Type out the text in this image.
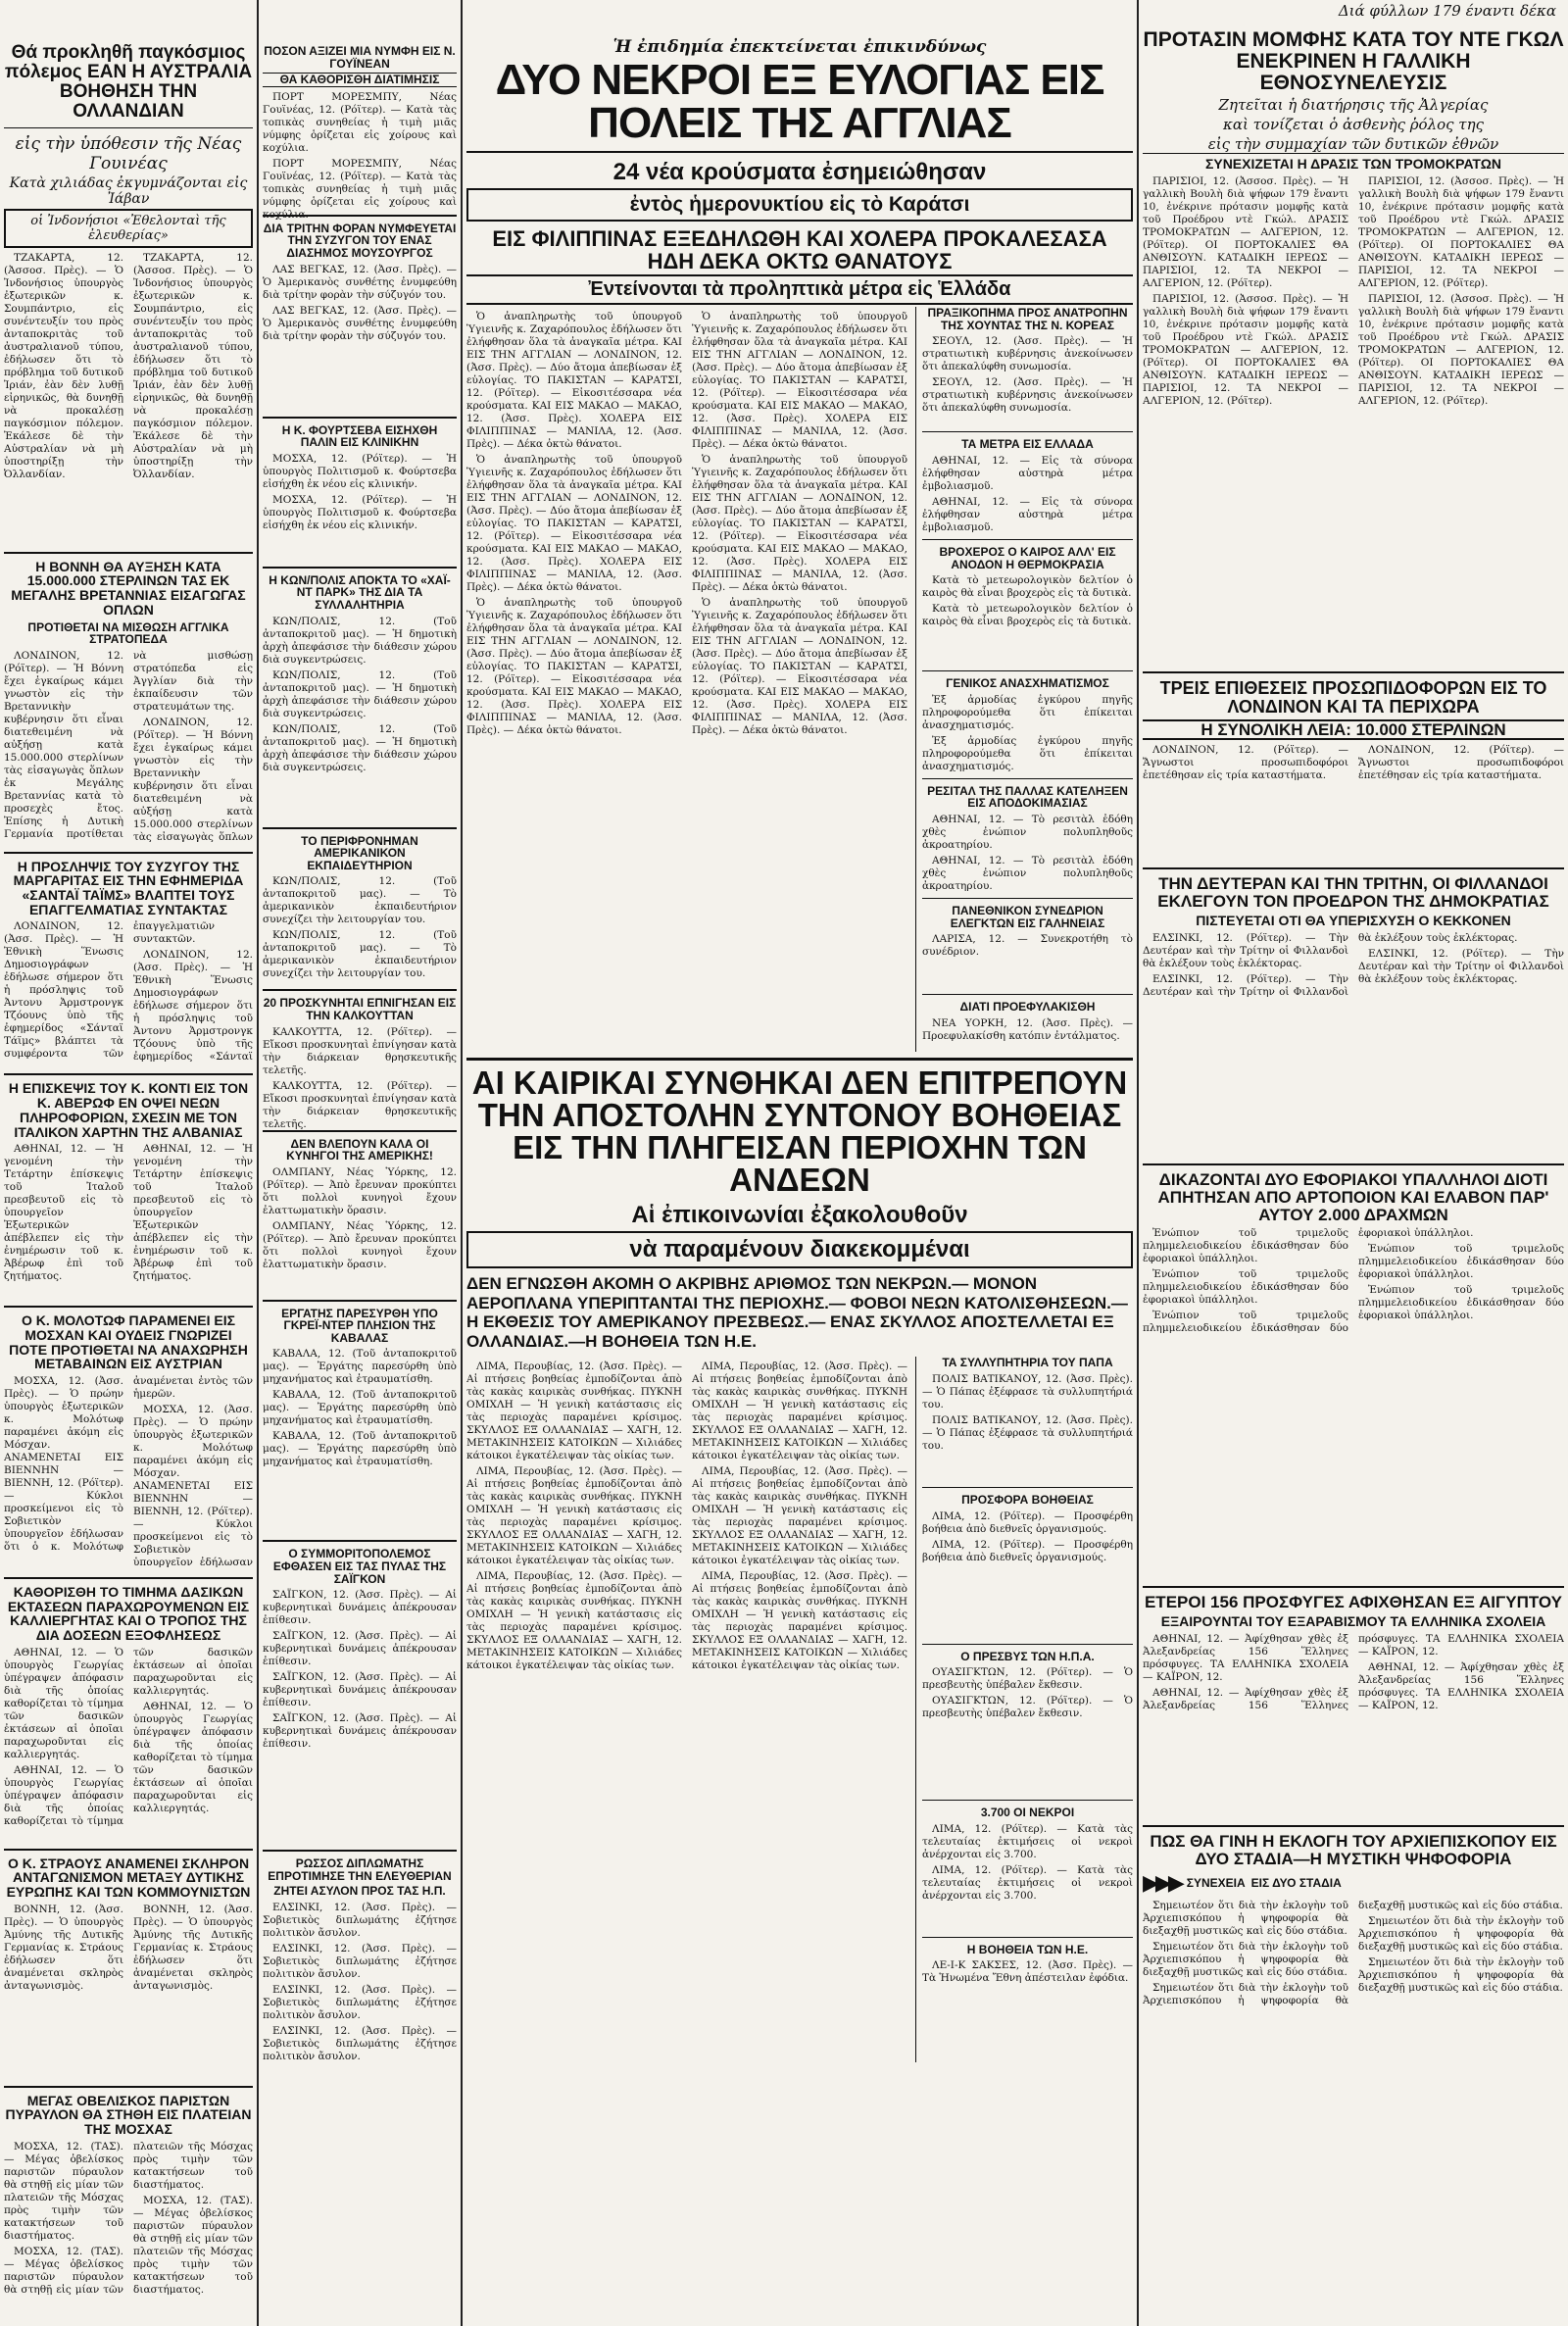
Διά φύλλων 179 έναντι δέκα
Θά προκληθῆ παγκόσμιος πόλεμος ΕΑΝ Η ΑΥΣΤΡΑΛΙΑ ΒΟΗΘΗΣΗ ΤΗΝ ΟΛΛΑΝΔΙΑΝ
εἰς τὴν ὑπόθεσιν τῆς Νέας Γουινέας
Κατὰ χιλιάδας ἐκγυμνάζονται εἰς Ἰάβαν
οἱ Ἰνδονήσιοι «Ἐθελονταὶ τῆς ἐλευθερίας»

ΤΖΑΚΑΡΤΑ, 12. (Ἀσσοσ. Πρὲς). — Ὁ Ἰνδονήσιος ὑπουργὸς ἐξωτερικῶν κ. Σουμπάντριο, εἰς συνέντευξίν του πρὸς ἀνταποκριτὰς τοῦ ἀυστραλιανοῦ τύπου, ἐδήλωσεν ὅτι τὸ πρόβλημα τοῦ δυτικοῦ Ἰριάν, ἐὰν δὲν λυθῇ εἰρηνικῶς, θὰ δυνηθῇ νὰ προκαλέσῃ παγκόσμιον πόλεμον. Ἐκάλεσε δὲ τὴν Αὐστραλίαν νὰ μὴ ὑποστηρίξῃ τὴν Ὀλλανδίαν.

ΤΖΑΚΑΡΤΑ, 12. (Ἀσσοσ. Πρὲς). — Ὁ Ἰνδονήσιος ὑπουργὸς ἐξωτερικῶν κ. Σουμπάντριο, εἰς συνέντευξίν του πρὸς ἀνταποκριτὰς τοῦ ἀυστραλιανοῦ τύπου, ἐδήλωσεν ὅτι τὸ πρόβλημα τοῦ δυτικοῦ Ἰριάν, ἐὰν δὲν λυθῇ εἰρηνικῶς, θὰ δυνηθῇ νὰ προκαλέσῃ παγκόσμιον πόλεμον. Ἐκάλεσε δὲ τὴν Αὐστραλίαν νὰ μὴ ὑποστηρίξῃ τὴν Ὀλλανδίαν.

Η ΒΟΝΝΗ ΘΑ ΑΥΞΗΣΗ ΚΑΤΑ 15.000.000 ΣΤΕΡΛΙΝΩΝ ΤΑΣ ΕΚ ΜΕΓΑΛΗΣ ΒΡΕΤΑΝΝΙΑΣ ΕΙΣΑΓΩΓΑΣ ΟΠΛΩΝ
ΠΡΟΤΙΘΕΤΑΙ ΝΑ ΜΙΣΘΩΣΗ ΑΓΓΛΙΚΑ ΣΤΡΑΤΟΠΕΔΑ

ΛΟΝΔΙΝΟΝ, 12. (Ρόϊτερ). — Ἡ Βόννη ἔχει ἐγκαίρως κάμει γνωστὸν εἰς τὴν Βρεταννικὴν κυβέρνησιν ὅτι εἶναι διατεθειμένη νὰ αὐξήσῃ κατὰ 15.000.000 στερλίνων τὰς εἰσαγωγὰς ὅπλων ἐκ Μεγάλης Βρεταννίας κατὰ τὸ προσεχὲς ἔτος. Ἐπίσης ἡ Δυτικὴ Γερμανία προτίθεται νὰ μισθώσῃ στρατόπεδα εἰς Ἀγγλίαν διὰ τὴν ἐκπαίδευσιν τῶν στρατευμάτων της.

ΛΟΝΔΙΝΟΝ, 12. (Ρόϊτερ). — Ἡ Βόννη ἔχει ἐγκαίρως κάμει γνωστὸν εἰς τὴν Βρεταννικὴν κυβέρνησιν ὅτι εἶναι διατεθειμένη νὰ αὐξήσῃ κατὰ 15.000.000 στερλίνων τὰς εἰσαγωγὰς ὅπλων

Η ΠΡΟΣΛΗΨΙΣ ΤΟΥ ΣΥΖΥΓΟΥ ΤΗΣ ΜΑΡΓΑΡΙΤΑΣ ΕΙΣ ΤΗΝ ΕΦΗΜΕΡΙΔΑ «ΣΑΝΤΑΪ ΤΑΪΜΣ» ΒΛΑΠΤΕΙ ΤΟΥΣ ΕΠΑΓΓΕΛΜΑΤΙΑΣ ΣΥΝΤΑΚΤΑΣ

ΛΟΝΔΙΝΟΝ, 12. (Ἀσσ. Πρὲς). — Ἡ Ἐθνικὴ Ἕνωσις Δημοσιογράφων ἐδήλωσε σήμερον ὅτι ἡ πρόσληψις τοῦ Ἀντονυ Ἀρμστρονγκ Τζόουνς ὑπὸ τῆς ἐφημερίδος «Σάνταϊ Τάϊμς» βλάπτει τὰ συμφέροντα τῶν ἐπαγγελματιῶν συντακτῶν.

ΛΟΝΔΙΝΟΝ, 12. (Ἀσσ. Πρὲς). — Ἡ Ἐθνικὴ Ἕνωσις Δημοσιογράφων ἐδήλωσε σήμερον ὅτι ἡ πρόσληψις τοῦ Ἀντονυ Ἀρμστρονγκ Τζόουνς ὑπὸ τῆς ἐφημερίδος «Σάνταϊ

Η ΕΠΙΣΚΕΨΙΣ ΤΟΥ Κ. ΚΟΝΤΙ ΕΙΣ ΤΟΝ Κ. ΑΒΕΡΩΦ ΕΝ ΟΨΕΙ ΝΕΩΝ ΠΛΗΡΟΦΟΡΙΩΝ, ΣΧΕΣΙΝ ΜΕ ΤΟΝ ΙΤΑΛΙΚΟΝ ΧΑΡΤΗΝ ΤΗΣ ΑΛΒΑΝΙΑΣ

ΑΘΗΝΑΙ, 12. — Ἡ γενομένη τὴν Τετάρτην ἐπίσκεψις τοῦ Ἰταλοῦ πρεσβευτοῦ εἰς τὸ ὑπουργεῖον Ἐξωτερικῶν ἀπέβλεπεν εἰς τὴν ἐνημέρωσιν τοῦ κ. Ἀβέρωφ ἐπὶ τοῦ ζητήματος.

ΑΘΗΝΑΙ, 12. — Ἡ γενομένη τὴν Τετάρτην ἐπίσκεψις τοῦ Ἰταλοῦ πρεσβευτοῦ εἰς τὸ ὑπουργεῖον Ἐξωτερικῶν ἀπέβλεπεν εἰς τὴν ἐνημέρωσιν τοῦ κ. Ἀβέρωφ ἐπὶ τοῦ ζητήματος.

Ο Κ. ΜΟΛΟΤΩΦ ΠΑΡΑΜΕΝΕΙ ΕΙΣ ΜΟΣΧΑΝ ΚΑΙ ΟΥΔΕΙΣ ΓΝΩΡΙΖΕΙ ΠΟΤΕ ΠΡΟΤΙΘΕΤΑΙ ΝΑ ΑΝΑΧΩΡΗΣΗ ΜΕΤΑΒΑΙΝΩΝ ΕΙΣ ΑΥΣΤΡΙΑΝ

ΜΟΣΧΑ, 12. (Ἀσσ. Πρὲς). — Ὁ πρώην ὑπουργὸς ἐξωτερικῶν κ. Μολότωφ παραμένει ἀκόμη εἰς Μόσχαν. ΑΝΑΜΕΝΕΤΑΙ ΕΙΣ ΒΙΕΝΝΗΝ — ΒΙΕΝΝΗ, 12. (Ρόϊτερ). — Κύκλοι προσκείμενοι εἰς τὸ Σοβιετικὸν ὑπουργεῖον ἐδήλωσαν ὅτι ὁ κ. Μολότωφ ἀναμένεται ἐντὸς τῶν ἡμερῶν.

ΜΟΣΧΑ, 12. (Ἀσσ. Πρὲς). — Ὁ πρώην ὑπουργὸς ἐξωτερικῶν κ. Μολότωφ παραμένει ἀκόμη εἰς Μόσχαν. ΑΝΑΜΕΝΕΤΑΙ ΕΙΣ ΒΙΕΝΝΗΝ — ΒΙΕΝΝΗ, 12. (Ρόϊτερ). — Κύκλοι προσκείμενοι εἰς τὸ Σοβιετικὸν ὑπουργεῖον ἐδήλωσαν

ΚΑΘΟΡΙΣΘΗ ΤΟ ΤΙΜΗΜΑ ΔΑΣΙΚΩΝ ΕΚΤΑΣΕΩΝ ΠΑΡΑΧΩΡΟΥΜΕΝΩΝ ΕΙΣ ΚΑΛΛΙΕΡΓΗΤΑΣ ΚΑΙ Ο ΤΡΟΠΟΣ ΤΗΣ ΔΙΑ ΔΟΣΕΩΝ ΕΞΟΦΛΗΣΕΩΣ

ΑΘΗΝΑΙ, 12. — Ὁ ὑπουργὸς Γεωργίας ὑπέγραψεν ἀπόφασιν διὰ τῆς ὁποίας καθορίζεται τὸ τίμημα τῶν δασικῶν ἐκτάσεων αἱ ὁποῖαι παραχωροῦνται εἰς καλλιεργητάς.

ΑΘΗΝΑΙ, 12. — Ὁ ὑπουργὸς Γεωργίας ὑπέγραψεν ἀπόφασιν διὰ τῆς ὁποίας καθορίζεται τὸ τίμημα τῶν δασικῶν ἐκτάσεων αἱ ὁποῖαι παραχωροῦνται εἰς καλλιεργητάς.

ΑΘΗΝΑΙ, 12. — Ὁ ὑπουργὸς Γεωργίας ὑπέγραψεν ἀπόφασιν διὰ τῆς ὁποίας καθορίζεται τὸ τίμημα τῶν δασικῶν ἐκτάσεων αἱ ὁποῖαι παραχωροῦνται εἰς καλλιεργητάς.

Ο Κ. ΣΤΡΑΟΥΣ ΑΝΑΜΕΝΕΙ ΣΚΛΗΡΟΝ ΑΝΤΑΓΩΝΙΣΜΟΝ ΜΕΤΑΞΥ ΔΥΤΙΚΗΣ ΕΥΡΩΠΗΣ ΚΑΙ ΤΩΝ ΚΟΜΜΟΥΝΙΣΤΩΝ

ΒΟΝΝΗ, 12. (Ἀσσ. Πρὲς). — Ὁ ὑπουργὸς Ἀμύνης τῆς Δυτικῆς Γερμανίας κ. Στράους ἐδήλωσεν ὅτι ἀναμένεται σκληρὸς ἀνταγωνισμὸς.

ΒΟΝΝΗ, 12. (Ἀσσ. Πρὲς). — Ὁ ὑπουργὸς Ἀμύνης τῆς Δυτικῆς Γερμανίας κ. Στράους ἐδήλωσεν ὅτι ἀναμένεται σκληρὸς ἀνταγωνισμὸς.

ΜΕΓΑΣ ΟΒΕΛΙΣΚΟΣ ΠΑΡΙΣΤΩΝ ΠΥΡΑΥΛΟΝ ΘΑ ΣΤΗΘΗ ΕΙΣ ΠΛΑΤΕΙΑΝ ΤΗΣ ΜΟΣΧΑΣ

ΜΟΣΧΑ, 12. (ΤΑΣ). — Μέγας ὀβελίσκος παριστῶν πύραυλον θὰ στηθῇ εἰς μίαν τῶν πλατειῶν τῆς Μόσχας πρὸς τιμὴν τῶν κατακτήσεων τοῦ διαστήματος.

ΜΟΣΧΑ, 12. (ΤΑΣ). — Μέγας ὀβελίσκος παριστῶν πύραυλον θὰ στηθῇ εἰς μίαν τῶν πλατειῶν τῆς Μόσχας πρὸς τιμὴν τῶν κατακτήσεων τοῦ διαστήματος.

ΜΟΣΧΑ, 12. (ΤΑΣ). — Μέγας ὀβελίσκος παριστῶν πύραυλον θὰ στηθῇ εἰς μίαν τῶν πλατειῶν τῆς Μόσχας πρὸς τιμὴν τῶν κατακτήσεων τοῦ διαστήματος.

ΠΟΣΟΝ ΑΞΙΖΕΙ ΜΙΑ ΝΥΜΦΗ ΕΙΣ Ν. ΓΟΥΪΝΕΑΝ
ΘΑ ΚΑΘΟΡΙΣΘΗ ΔΙΑΤΙΜΗΣΙΣ

ΠΟΡΤ ΜΟΡΕΣΜΠΥ, Νέας Γουϊνέας, 12. (Ρόϊτερ). — Κατὰ τὰς τοπικὰς συνηθείας ἡ τιμὴ μιᾶς νύμφης ὁρίζεται εἰς χοίρους καὶ κοχύλια.

ΠΟΡΤ ΜΟΡΕΣΜΠΥ, Νέας Γουϊνέας, 12. (Ρόϊτερ). — Κατὰ τὰς τοπικὰς συνηθείας ἡ τιμὴ μιᾶς νύμφης ὁρίζεται εἰς χοίρους καὶ κοχύλια.

ΔΙΑ ΤΡΙΤΗΝ ΦΟΡΑΝ ΝΥΜΦΕΥΕΤΑΙ ΤΗΝ ΣΥΖΥΓΟΝ ΤΟΥ ΕΝΑΣ ΔΙΑΣΗΜΟΣ ΜΟΥΣΟΥΡΓΟΣ

ΛΑΣ ΒΕΓΚΑΣ, 12. (Ἀσσ. Πρὲς). — Ὁ Ἀμερικανὸς συνθέτης ἐνυμφεύθη διὰ τρίτην φορὰν τὴν σύζυγόν του.

ΛΑΣ ΒΕΓΚΑΣ, 12. (Ἀσσ. Πρὲς). — Ὁ Ἀμερικανὸς συνθέτης ἐνυμφεύθη διὰ τρίτην φορὰν τὴν σύζυγόν του.

Η Κ. ΦΟΥΡΤΣΕΒΑ ΕΙΣΗΧΘΗ ΠΑΛΙΝ ΕΙΣ ΚΛΙΝΙΚΗΝ

ΜΟΣΧΑ, 12. (Ρόϊτερ). — Ἡ ὑπουργὸς Πολιτισμοῦ κ. Φούρτσεβα εἰσήχθη ἐκ νέου εἰς κλινικήν.

ΜΟΣΧΑ, 12. (Ρόϊτερ). — Ἡ ὑπουργὸς Πολιτισμοῦ κ. Φούρτσεβα εἰσήχθη ἐκ νέου εἰς κλινικήν.

Η ΚΩΝ/ΠΟΛΙΣ ΑΠΟΚΤΑ ΤΟ «ΧΑΪ-ΝΤ ΠΑΡΚ» ΤΗΣ ΔΙΑ ΤΑ ΣΥΛΛΑΛΗΤΗΡΙΑ

ΚΩΝ/ΠΟΛΙΣ, 12. (Τοῦ ἀνταποκριτοῦ μας). — Ἡ δημοτικὴ ἀρχὴ ἀπεφάσισε τὴν διάθεσιν χώρου διὰ συγκεντρώσεις.

ΚΩΝ/ΠΟΛΙΣ, 12. (Τοῦ ἀνταποκριτοῦ μας). — Ἡ δημοτικὴ ἀρχὴ ἀπεφάσισε τὴν διάθεσιν χώρου διὰ συγκεντρώσεις.

ΚΩΝ/ΠΟΛΙΣ, 12. (Τοῦ ἀνταποκριτοῦ μας). — Ἡ δημοτικὴ ἀρχὴ ἀπεφάσισε τὴν διάθεσιν χώρου διὰ συγκεντρώσεις.

ΤΟ ΠΕΡΙΦΡΟΝΗΜΑΝ ΑΜΕΡΙΚΑΝΙΚΟΝ ΕΚΠΑΙΔΕΥΤΗΡΙΟΝ

ΚΩΝ/ΠΟΛΙΣ, 12. (Τοῦ ἀνταποκριτοῦ μας). — Τὸ ἀμερικανικὸν ἐκπαιδευτήριον συνεχίζει τὴν λειτουργίαν του.

ΚΩΝ/ΠΟΛΙΣ, 12. (Τοῦ ἀνταποκριτοῦ μας). — Τὸ ἀμερικανικὸν ἐκπαιδευτήριον συνεχίζει τὴν λειτουργίαν του.

20 ΠΡΟΣΚΥΝΗΤΑΙ ΕΠΝΙΓΗΣΑΝ ΕΙΣ ΤΗΝ ΚΑΛΚΟΥΤΤΑΝ

ΚΑΛΚΟΥΤΤΑ, 12. (Ρόϊτερ). — Εἴκοσι προσκυνηταὶ ἐπνίγησαν κατὰ τὴν διάρκειαν θρησκευτικῆς τελετῆς.

ΚΑΛΚΟΥΤΤΑ, 12. (Ρόϊτερ). — Εἴκοσι προσκυνηταὶ ἐπνίγησαν κατὰ τὴν διάρκειαν θρησκευτικῆς τελετῆς.

ΔΕΝ ΒΛΕΠΟΥΝ ΚΑΛΑ ΟΙ ΚΥΝΗΓΟΙ ΤΗΣ ΑΜΕΡΙΚΗΣ!

ΟΛΜΠΑΝΥ, Νέας Ὑόρκης, 12. (Ρόϊτερ). — Ἀπὸ ἔρευναν προκύπτει ὅτι πολλοὶ κυνηγοὶ ἔχουν ἐλαττωματικὴν ὅρασιν.

ΟΛΜΠΑΝΥ, Νέας Ὑόρκης, 12. (Ρόϊτερ). — Ἀπὸ ἔρευναν προκύπτει ὅτι πολλοὶ κυνηγοὶ ἔχουν ἐλαττωματικὴν ὅρασιν.

ΕΡΓΑΤΗΣ ΠΑΡΕΣΥΡΘΗ ΥΠΟ ΓΚΡΕΪ-ΝΤΕΡ ΠΛΗΣΙΟΝ ΤΗΣ ΚΑΒΑΛΑΣ

ΚΑΒΑΛΑ, 12. (Τοῦ ἀνταποκριτοῦ μας). — Ἐργάτης παρεσύρθη ὑπὸ μηχανήματος καὶ ἐτραυματίσθη.

ΚΑΒΑΛΑ, 12. (Τοῦ ἀνταποκριτοῦ μας). — Ἐργάτης παρεσύρθη ὑπὸ μηχανήματος καὶ ἐτραυματίσθη.

ΚΑΒΑΛΑ, 12. (Τοῦ ἀνταποκριτοῦ μας). — Ἐργάτης παρεσύρθη ὑπὸ μηχανήματος καὶ ἐτραυματίσθη.

Ο ΣΥΜΜΟΡΙΤΟΠΟΛΕΜΟΣ ΕΦΘΑΣΕΝ ΕΙΣ ΤΑΣ ΠΥΛΑΣ ΤΗΣ ΣΑΪΓΚΟΝ

ΣΑΪΓΚΟΝ, 12. (Ἀσσ. Πρὲς). — Αἱ κυβερνητικαὶ δυνάμεις ἀπέκρουσαν ἐπίθεσιν.

ΣΑΪΓΚΟΝ, 12. (Ἀσσ. Πρὲς). — Αἱ κυβερνητικαὶ δυνάμεις ἀπέκρουσαν ἐπίθεσιν.

ΣΑΪΓΚΟΝ, 12. (Ἀσσ. Πρὲς). — Αἱ κυβερνητικαὶ δυνάμεις ἀπέκρουσαν ἐπίθεσιν.

ΣΑΪΓΚΟΝ, 12. (Ἀσσ. Πρὲς). — Αἱ κυβερνητικαὶ δυνάμεις ἀπέκρουσαν ἐπίθεσιν.

ΡΩΣΣΟΣ ΔΙΠΛΩΜΑΤΗΣ ΕΠΡΟΤΙΜΗΣΕ ΤΗΝ ΕΛΕΥΘΕΡΙΑΝ
ΖΗΤΕΙ ΑΣΥΛΟΝ ΠΡΟΣ ΤΑΣ Η.Π.

ΕΛΣΙΝΚΙ, 12. (Ἀσσ. Πρὲς). — Σοβιετικὸς διπλωμάτης ἐζήτησε πολιτικὸν ἄσυλον.

ΕΛΣΙΝΚΙ, 12. (Ἀσσ. Πρὲς). — Σοβιετικὸς διπλωμάτης ἐζήτησε πολιτικὸν ἄσυλον.

ΕΛΣΙΝΚΙ, 12. (Ἀσσ. Πρὲς). — Σοβιετικὸς διπλωμάτης ἐζήτησε πολιτικὸν ἄσυλον.

ΕΛΣΙΝΚΙ, 12. (Ἀσσ. Πρὲς). — Σοβιετικὸς διπλωμάτης ἐζήτησε πολιτικὸν ἄσυλον.

Ἡ ἐπιδημία ἐπεκτείνεται ἐπικινδύνως
ΔΥΟ ΝΕΚΡΟΙ ΕΞ ΕΥΛΟΓΙΑΣ ΕΙΣ ΠΟΛΕΙΣ ΤΗΣ ΑΓΓΛΙΑΣ
24 νέα κρούσματα ἐσημειώθησαν
ἐντὸς ἡμερονυκτίου εἰς τὸ Καράτσι
ΕΙΣ ΦΙΛΙΠΠΙΝΑΣ ΕΞΕΔΗΛΩΘΗ ΚΑΙ ΧΟΛΕΡΑ ΠΡΟΚΑΛΕΣΑΣΑ ΗΔΗ ΔΕΚΑ ΟΚΤΩ ΘΑΝΑΤΟΥΣ
Ἐντείνονται τὰ προληπτικὰ μέτρα εἰς Ἑλλάδα

Ὁ ἀναπληρωτὴς τοῦ ὑπουργοῦ Ὑγιεινῆς κ. Ζαχαρόπουλος ἐδήλωσεν ὅτι ἐλήφθησαν ὅλα τὰ ἀναγκαῖα μέτρα. ΚΑΙ ΕΙΣ ΤΗΝ ΑΓΓΛΙΑΝ — ΛΟΝΔΙΝΟΝ, 12. (Ἀσσ. Πρὲς). — Δύο ἄτομα ἀπεβίωσαν ἐξ εὐλογίας. ΤΟ ΠΑΚΙΣΤΑΝ — ΚΑΡΑΤΣΙ, 12. (Ρόϊτερ). — Εἰκοσιτέσσαρα νέα κρούσματα. ΚΑΙ ΕΙΣ ΜΑΚΑΟ — ΜΑΚΑΟ, 12. (Ἀσσ. Πρὲς). ΧΟΛΕΡΑ ΕΙΣ ΦΙΛΙΠΠΙΝΑΣ — ΜΑΝΙΛΑ, 12. (Ἀσσ. Πρὲς). — Δέκα ὀκτὼ θάνατοι.

Ὁ ἀναπληρωτὴς τοῦ ὑπουργοῦ Ὑγιεινῆς κ. Ζαχαρόπουλος ἐδήλωσεν ὅτι ἐλήφθησαν ὅλα τὰ ἀναγκαῖα μέτρα. ΚΑΙ ΕΙΣ ΤΗΝ ΑΓΓΛΙΑΝ — ΛΟΝΔΙΝΟΝ, 12. (Ἀσσ. Πρὲς). — Δύο ἄτομα ἀπεβίωσαν ἐξ εὐλογίας. ΤΟ ΠΑΚΙΣΤΑΝ — ΚΑΡΑΤΣΙ, 12. (Ρόϊτερ). — Εἰκοσιτέσσαρα νέα κρούσματα. ΚΑΙ ΕΙΣ ΜΑΚΑΟ — ΜΑΚΑΟ, 12. (Ἀσσ. Πρὲς). ΧΟΛΕΡΑ ΕΙΣ ΦΙΛΙΠΠΙΝΑΣ — ΜΑΝΙΛΑ, 12. (Ἀσσ. Πρὲς). — Δέκα ὀκτὼ θάνατοι.

Ὁ ἀναπληρωτὴς τοῦ ὑπουργοῦ Ὑγιεινῆς κ. Ζαχαρόπουλος ἐδήλωσεν ὅτι ἐλήφθησαν ὅλα τὰ ἀναγκαῖα μέτρα. ΚΑΙ ΕΙΣ ΤΗΝ ΑΓΓΛΙΑΝ — ΛΟΝΔΙΝΟΝ, 12. (Ἀσσ. Πρὲς). — Δύο ἄτομα ἀπεβίωσαν ἐξ εὐλογίας. ΤΟ ΠΑΚΙΣΤΑΝ — ΚΑΡΑΤΣΙ, 12. (Ρόϊτερ). — Εἰκοσιτέσσαρα νέα κρούσματα. ΚΑΙ ΕΙΣ ΜΑΚΑΟ — ΜΑΚΑΟ, 12. (Ἀσσ. Πρὲς). ΧΟΛΕΡΑ ΕΙΣ ΦΙΛΙΠΠΙΝΑΣ — ΜΑΝΙΛΑ, 12. (Ἀσσ. Πρὲς). — Δέκα ὀκτὼ θάνατοι.

Ὁ ἀναπληρωτὴς τοῦ ὑπουργοῦ Ὑγιεινῆς κ. Ζαχαρόπουλος ἐδήλωσεν ὅτι ἐλήφθησαν ὅλα τὰ ἀναγκαῖα μέτρα. ΚΑΙ ΕΙΣ ΤΗΝ ΑΓΓΛΙΑΝ — ΛΟΝΔΙΝΟΝ, 12. (Ἀσσ. Πρὲς). — Δύο ἄτομα ἀπεβίωσαν ἐξ εὐλογίας. ΤΟ ΠΑΚΙΣΤΑΝ — ΚΑΡΑΤΣΙ, 12. (Ρόϊτερ). — Εἰκοσιτέσσαρα νέα κρούσματα. ΚΑΙ ΕΙΣ ΜΑΚΑΟ — ΜΑΚΑΟ, 12. (Ἀσσ. Πρὲς). ΧΟΛΕΡΑ ΕΙΣ ΦΙΛΙΠΠΙΝΑΣ — ΜΑΝΙΛΑ, 12. (Ἀσσ. Πρὲς). — Δέκα ὀκτὼ θάνατοι.

Ὁ ἀναπληρωτὴς τοῦ ὑπουργοῦ Ὑγιεινῆς κ. Ζαχαρόπουλος ἐδήλωσεν ὅτι ἐλήφθησαν ὅλα τὰ ἀναγκαῖα μέτρα. ΚΑΙ ΕΙΣ ΤΗΝ ΑΓΓΛΙΑΝ — ΛΟΝΔΙΝΟΝ, 12. (Ἀσσ. Πρὲς). — Δύο ἄτομα ἀπεβίωσαν ἐξ εὐλογίας. ΤΟ ΠΑΚΙΣΤΑΝ — ΚΑΡΑΤΣΙ, 12. (Ρόϊτερ). — Εἰκοσιτέσσαρα νέα κρούσματα. ΚΑΙ ΕΙΣ ΜΑΚΑΟ — ΜΑΚΑΟ, 12. (Ἀσσ. Πρὲς). ΧΟΛΕΡΑ ΕΙΣ ΦΙΛΙΠΠΙΝΑΣ — ΜΑΝΙΛΑ, 12. (Ἀσσ. Πρὲς). — Δέκα ὀκτὼ θάνατοι.

Ὁ ἀναπληρωτὴς τοῦ ὑπουργοῦ Ὑγιεινῆς κ. Ζαχαρόπουλος ἐδήλωσεν ὅτι ἐλήφθησαν ὅλα τὰ ἀναγκαῖα μέτρα. ΚΑΙ ΕΙΣ ΤΗΝ ΑΓΓΛΙΑΝ — ΛΟΝΔΙΝΟΝ, 12. (Ἀσσ. Πρὲς). — Δύο ἄτομα ἀπεβίωσαν ἐξ εὐλογίας. ΤΟ ΠΑΚΙΣΤΑΝ — ΚΑΡΑΤΣΙ, 12. (Ρόϊτερ). — Εἰκοσιτέσσαρα νέα κρούσματα. ΚΑΙ ΕΙΣ ΜΑΚΑΟ — ΜΑΚΑΟ, 12. (Ἀσσ. Πρὲς). ΧΟΛΕΡΑ ΕΙΣ ΦΙΛΙΠΠΙΝΑΣ — ΜΑΝΙΛΑ, 12. (Ἀσσ. Πρὲς). — Δέκα ὀκτὼ θάνατοι.

ΠΡΑΞΙΚΟΠΗΜΑ ΠΡΟΣ ΑΝΑΤΡΟΠΗΝ ΤΗΣ ΧΟΥΝΤΑΣ ΤΗΣ Ν. ΚΟΡΕΑΣ

ΣΕΟΥΛ, 12. (Ἀσσ. Πρὲς). — Ἡ στρατιωτικὴ κυβέρνησις ἀνεκοίνωσεν ὅτι ἀπεκαλύφθη συνωμοσία.

ΣΕΟΥΛ, 12. (Ἀσσ. Πρὲς). — Ἡ στρατιωτικὴ κυβέρνησις ἀνεκοίνωσεν ὅτι ἀπεκαλύφθη συνωμοσία.

ΤΑ ΜΕΤΡΑ ΕΙΣ ΕΛΛΑΔΑ

ΑΘΗΝΑΙ, 12. — Εἰς τὰ σύνορα ἐλήφθησαν αὐστηρὰ μέτρα ἐμβολιασμοῦ.

ΑΘΗΝΑΙ, 12. — Εἰς τὰ σύνορα ἐλήφθησαν αὐστηρὰ μέτρα ἐμβολιασμοῦ.

ΒΡΟΧΕΡΟΣ Ο ΚΑΙΡΟΣ ΑΛΛ' ΕΙΣ ΑΝΟΔΟΝ Η ΘΕΡΜΟΚΡΑΣΙΑ

Κατὰ τὸ μετεωρολογικὸν δελτίον ὁ καιρὸς θὰ εἶναι βροχερὸς εἰς τὰ δυτικὰ.

Κατὰ τὸ μετεωρολογικὸν δελτίον ὁ καιρὸς θὰ εἶναι βροχερὸς εἰς τὰ δυτικὰ.

ΓΕΝΙΚΟΣ ΑΝΑΣΧΗΜΑΤΙΣΜΟΣ

Ἐξ ἀρμοδίας ἐγκύρου πηγῆς πληροφορούμεθα ὅτι ἐπίκειται ἀνασχηματισμός.

Ἐξ ἀρμοδίας ἐγκύρου πηγῆς πληροφορούμεθα ὅτι ἐπίκειται ἀνασχηματισμός.

ΡΕΣΙΤΑΛ ΤΗΣ ΠΑΛΛΑΣ ΚΑΤΕΛΗΞΕΝ ΕΙΣ ΑΠΟΔΟΚΙΜΑΣΙΑΣ

ΑΘΗΝΑΙ, 12. — Τὸ ρεσιτὰλ ἐδόθη χθὲς ἐνώπιον πολυπληθοῦς ἀκροατηρίου.

ΑΘΗΝΑΙ, 12. — Τὸ ρεσιτὰλ ἐδόθη χθὲς ἐνώπιον πολυπληθοῦς ἀκροατηρίου.

ΠΑΝΕΘΝΙΚΟΝ ΣΥΝΕΔΡΙΟΝ ΕΛΕΓΚΤΩΝ ΕΙΣ ΓΑΛΗΝΕΙΑΣ

ΛΑΡΙΣΑ, 12. — Συνεκροτήθη τὸ συνέδριον.

ΔΙΑΤΙ ΠΡΟΕΦΥΛΑΚΙΣΘΗ

ΝΕΑ ΥΟΡΚΗ, 12. (Ἀσσ. Πρὲς). — Προεφυλακίσθη κατόπιν ἐντάλματος.

ΑΙ ΚΑΙΡΙΚΑΙ ΣΥΝΘΗΚΑΙ ΔΕΝ ΕΠΙΤΡΕΠΟΥΝ ΤΗΝ ΑΠΟΣΤΟΛΗΝ ΣΥΝΤΟΝΟΥ ΒΟΗΘΕΙΑΣ ΕΙΣ ΤΗΝ ΠΛΗΓΕΙΣΑΝ ΠΕΡΙΟΧΗΝ ΤΩΝ ΑΝΔΕΩΝ
Αἱ ἐπικοινωνίαι ἐξακολουθοῦν
νὰ παραμένουν διακεκομμέναι
ΔΕΝ ΕΓΝΩΣΘΗ ΑΚΟΜΗ Ο ΑΚΡΙΒΗΣ ΑΡΙΘΜΟΣ ΤΩΝ ΝΕΚΡΩΝ.— ΜΟΝΟΝ ΑΕΡΟΠΛΑΝΑ ΥΠΕΡΙΠΤΑΝΤΑΙ ΤΗΣ ΠΕΡΙΟΧΗΣ.— ΦΟΒΟΙ ΝΕΩΝ ΚΑΤΟΛΙΣΘΗΣΕΩΝ.— Η ΕΚΘΕΣΙΣ ΤΟΥ ΑΜΕΡΙΚΑΝΟΥ ΠΡΕΣΒΕΩΣ.— ΕΝΑΣ ΣΚΥΛΛΟΣ ΑΠΟΣΤΕΛΛΕΤΑΙ ΕΞ ΟΛΛΑΝΔΙΑΣ.—Η ΒΟΗΘΕΙΑ ΤΩΝ Η.Ε.

ΛΙΜΑ, Περουβίας, 12. (Ἀσσ. Πρὲς). — Αἱ πτήσεις βοηθείας ἐμποδίζονται ἀπὸ τὰς κακὰς καιρικὰς συνθήκας. ΠΥΚΝΗ ΟΜΙΧΛΗ — Ἡ γενικὴ κατάστασις εἰς τὰς περιοχὰς παραμένει κρίσιμος. ΣΚΥΛΛΟΣ ΕΞ ΟΛΛΑΝΔΙΑΣ — ΧΑΓΗ, 12. ΜΕΤΑΚΙΝΗΣΕΙΣ ΚΑΤΟΙΚΩΝ — Χιλιάδες κάτοικοι ἐγκατέλειψαν τὰς οἰκίας των.

ΛΙΜΑ, Περουβίας, 12. (Ἀσσ. Πρὲς). — Αἱ πτήσεις βοηθείας ἐμποδίζονται ἀπὸ τὰς κακὰς καιρικὰς συνθήκας. ΠΥΚΝΗ ΟΜΙΧΛΗ — Ἡ γενικὴ κατάστασις εἰς τὰς περιοχὰς παραμένει κρίσιμος. ΣΚΥΛΛΟΣ ΕΞ ΟΛΛΑΝΔΙΑΣ — ΧΑΓΗ, 12. ΜΕΤΑΚΙΝΗΣΕΙΣ ΚΑΤΟΙΚΩΝ — Χιλιάδες κάτοικοι ἐγκατέλειψαν τὰς οἰκίας των.

ΛΙΜΑ, Περουβίας, 12. (Ἀσσ. Πρὲς). — Αἱ πτήσεις βοηθείας ἐμποδίζονται ἀπὸ τὰς κακὰς καιρικὰς συνθήκας. ΠΥΚΝΗ ΟΜΙΧΛΗ — Ἡ γενικὴ κατάστασις εἰς τὰς περιοχὰς παραμένει κρίσιμος. ΣΚΥΛΛΟΣ ΕΞ ΟΛΛΑΝΔΙΑΣ — ΧΑΓΗ, 12. ΜΕΤΑΚΙΝΗΣΕΙΣ ΚΑΤΟΙΚΩΝ — Χιλιάδες κάτοικοι ἐγκατέλειψαν τὰς οἰκίας των.

ΛΙΜΑ, Περουβίας, 12. (Ἀσσ. Πρὲς). — Αἱ πτήσεις βοηθείας ἐμποδίζονται ἀπὸ τὰς κακὰς καιρικὰς συνθήκας. ΠΥΚΝΗ ΟΜΙΧΛΗ — Ἡ γενικὴ κατάστασις εἰς τὰς περιοχὰς παραμένει κρίσιμος. ΣΚΥΛΛΟΣ ΕΞ ΟΛΛΑΝΔΙΑΣ — ΧΑΓΗ, 12. ΜΕΤΑΚΙΝΗΣΕΙΣ ΚΑΤΟΙΚΩΝ — Χιλιάδες κάτοικοι ἐγκατέλειψαν τὰς οἰκίας των.

ΛΙΜΑ, Περουβίας, 12. (Ἀσσ. Πρὲς). — Αἱ πτήσεις βοηθείας ἐμποδίζονται ἀπὸ τὰς κακὰς καιρικὰς συνθήκας. ΠΥΚΝΗ ΟΜΙΧΛΗ — Ἡ γενικὴ κατάστασις εἰς τὰς περιοχὰς παραμένει κρίσιμος. ΣΚΥΛΛΟΣ ΕΞ ΟΛΛΑΝΔΙΑΣ — ΧΑΓΗ, 12. ΜΕΤΑΚΙΝΗΣΕΙΣ ΚΑΤΟΙΚΩΝ — Χιλιάδες κάτοικοι ἐγκατέλειψαν τὰς οἰκίας των.

ΛΙΜΑ, Περουβίας, 12. (Ἀσσ. Πρὲς). — Αἱ πτήσεις βοηθείας ἐμποδίζονται ἀπὸ τὰς κακὰς καιρικὰς συνθήκας. ΠΥΚΝΗ ΟΜΙΧΛΗ — Ἡ γενικὴ κατάστασις εἰς τὰς περιοχὰς παραμένει κρίσιμος. ΣΚΥΛΛΟΣ ΕΞ ΟΛΛΑΝΔΙΑΣ — ΧΑΓΗ, 12. ΜΕΤΑΚΙΝΗΣΕΙΣ ΚΑΤΟΙΚΩΝ — Χιλιάδες κάτοικοι ἐγκατέλειψαν τὰς οἰκίας των.

ΤΑ ΣΥΛΛΥΠΗΤΗΡΙΑ ΤΟΥ ΠΑΠΑ

ΠΟΛΙΣ ΒΑΤΙΚΑΝΟΥ, 12. (Ἀσσ. Πρὲς). — Ὁ Πάπας ἐξέφρασε τὰ συλλυπητήριά του.

ΠΟΛΙΣ ΒΑΤΙΚΑΝΟΥ, 12. (Ἀσσ. Πρὲς). — Ὁ Πάπας ἐξέφρασε τὰ συλλυπητήριά του.

ΠΡΟΣΦΟΡΑ ΒΟΗΘΕΙΑΣ

ΛΙΜΑ, 12. (Ρόϊτερ). — Προσφέρθη βοήθεια ἀπὸ διεθνεῖς ὀργανισμούς.

ΛΙΜΑ, 12. (Ρόϊτερ). — Προσφέρθη βοήθεια ἀπὸ διεθνεῖς ὀργανισμούς.

Ο ΠΡΕΣΒΥΣ ΤΩΝ Η.Π.Α.

ΟΥΑΣΙΓΚΤΩΝ, 12. (Ρόϊτερ). — Ὁ πρεσβευτὴς ὑπέβαλεν ἔκθεσιν.

ΟΥΑΣΙΓΚΤΩΝ, 12. (Ρόϊτερ). — Ὁ πρεσβευτὴς ὑπέβαλεν ἔκθεσιν.

3.700 ΟΙ ΝΕΚΡΟΙ

ΛΙΜΑ, 12. (Ρόϊτερ). — Κατὰ τὰς τελευταίας ἐκτιμήσεις οἱ νεκροὶ ἀνέρχονται εἰς 3.700.

ΛΙΜΑ, 12. (Ρόϊτερ). — Κατὰ τὰς τελευταίας ἐκτιμήσεις οἱ νεκροὶ ἀνέρχονται εἰς 3.700.

Η ΒΟΗΘΕΙΑ ΤΩΝ Η.Ε.

ΛΕ-Ι-Κ ΣΑΚΣΕΣ, 12. (Ἀσσ. Πρὲς). — Τὰ Ἡνωμένα Ἔθνη ἀπέστειλαν ἐφόδια.

ΠΡΟΤΑΣΙΝ ΜΟΜΦΗΣ ΚΑΤΑ ΤΟΥ ΝΤΕ ΓΚΩΛ ΕΝΕΚΡΙΝΕΝ Η ΓΑΛΛΙΚΗ ΕΘΝΟΣΥΝΕΛΕΥΣΙΣ
Ζητεῖται ἡ διατήρησις τῆς Ἀλγερίας
καὶ τονίζεται ὁ ἀσθενὴς ῥόλος της
εἰς τὴν συμμαχίαν τῶν δυτικῶν ἐθνῶν
ΣΥΝΕΧΙΖΕΤΑΙ Η ΔΡΑΣΙΣ ΤΩΝ ΤΡΟΜΟΚΡΑΤΩΝ

ΠΑΡΙΣΙΟΙ, 12. (Ἀσσοσ. Πρὲς). — Ἡ γαλλικὴ Βουλὴ διὰ ψήφων 179 ἔναντι 10, ἐνέκρινε πρότασιν μομφῆς κατὰ τοῦ Προέδρου ντὲ Γκώλ. ΔΡΑΣΙΣ ΤΡΟΜΟΚΡΑΤΩΝ — ΑΛΓΕΡΙΟΝ, 12. (Ρόϊτερ). ΟΙ ΠΟΡΤΟΚΑΛΙΕΣ ΘΑ ΑΝΘΙΣΟΥΝ. ΚΑΤΑΔΙΚΗ ΙΕΡΕΩΣ — ΠΑΡΙΣΙΟΙ, 12. ΤΑ ΝΕΚΡΟΙ — ΑΛΓΕΡΙΟΝ, 12. (Ρόϊτερ).

ΠΑΡΙΣΙΟΙ, 12. (Ἀσσοσ. Πρὲς). — Ἡ γαλλικὴ Βουλὴ διὰ ψήφων 179 ἔναντι 10, ἐνέκρινε πρότασιν μομφῆς κατὰ τοῦ Προέδρου ντὲ Γκώλ. ΔΡΑΣΙΣ ΤΡΟΜΟΚΡΑΤΩΝ — ΑΛΓΕΡΙΟΝ, 12. (Ρόϊτερ). ΟΙ ΠΟΡΤΟΚΑΛΙΕΣ ΘΑ ΑΝΘΙΣΟΥΝ. ΚΑΤΑΔΙΚΗ ΙΕΡΕΩΣ — ΠΑΡΙΣΙΟΙ, 12. ΤΑ ΝΕΚΡΟΙ — ΑΛΓΕΡΙΟΝ, 12. (Ρόϊτερ).

ΠΑΡΙΣΙΟΙ, 12. (Ἀσσοσ. Πρὲς). — Ἡ γαλλικὴ Βουλὴ διὰ ψήφων 179 ἔναντι 10, ἐνέκρινε πρότασιν μομφῆς κατὰ τοῦ Προέδρου ντὲ Γκώλ. ΔΡΑΣΙΣ ΤΡΟΜΟΚΡΑΤΩΝ — ΑΛΓΕΡΙΟΝ, 12. (Ρόϊτερ). ΟΙ ΠΟΡΤΟΚΑΛΙΕΣ ΘΑ ΑΝΘΙΣΟΥΝ. ΚΑΤΑΔΙΚΗ ΙΕΡΕΩΣ — ΠΑΡΙΣΙΟΙ, 12. ΤΑ ΝΕΚΡΟΙ — ΑΛΓΕΡΙΟΝ, 12. (Ρόϊτερ).

ΠΑΡΙΣΙΟΙ, 12. (Ἀσσοσ. Πρὲς). — Ἡ γαλλικὴ Βουλὴ διὰ ψήφων 179 ἔναντι 10, ἐνέκρινε πρότασιν μομφῆς κατὰ τοῦ Προέδρου ντὲ Γκώλ. ΔΡΑΣΙΣ ΤΡΟΜΟΚΡΑΤΩΝ — ΑΛΓΕΡΙΟΝ, 12. (Ρόϊτερ). ΟΙ ΠΟΡΤΟΚΑΛΙΕΣ ΘΑ ΑΝΘΙΣΟΥΝ. ΚΑΤΑΔΙΚΗ ΙΕΡΕΩΣ — ΠΑΡΙΣΙΟΙ, 12. ΤΑ ΝΕΚΡΟΙ — ΑΛΓΕΡΙΟΝ, 12. (Ρόϊτερ).

ΤΡΕΙΣ ΕΠΙΘΕΣΕΙΣ ΠΡΟΣΩΠΙΔΟΦΟΡΩΝ ΕΙΣ ΤΟ ΛΟΝΔΙΝΟΝ ΚΑΙ ΤΑ ΠΕΡΙΧΩΡΑ
Η ΣΥΝΟΛΙΚΗ ΛΕΙΑ: 10.000 ΣΤΕΡΛΙΝΩΝ

ΛΟΝΔΙΝΟΝ, 12. (Ρόϊτερ). — Ἄγνωστοι προσωπιδοφόροι ἐπετέθησαν εἰς τρία καταστήματα.

ΛΟΝΔΙΝΟΝ, 12. (Ρόϊτερ). — Ἄγνωστοι προσωπιδοφόροι ἐπετέθησαν εἰς τρία καταστήματα.

ΤΗΝ ΔΕΥΤΕΡΑΝ ΚΑΙ ΤΗΝ ΤΡΙΤΗΝ, ΟΙ ΦΙΛΛΑΝΔΟΙ ΕΚΛΕΓΟΥΝ ΤΟΝ ΠΡΟΕΔΡΟΝ ΤΗΣ ΔΗΜΟΚΡΑΤΙΑΣ
ΠΙΣΤΕΥΕΤΑΙ ΟΤΙ ΘΑ ΥΠΕΡΙΣΧΥΣΗ Ο ΚΕΚΚΟΝΕΝ

ΕΛΣΙΝΚΙ, 12. (Ρόϊτερ). — Τὴν Δευτέραν καὶ τὴν Τρίτην οἱ Φιλλανδοὶ θὰ ἐκλέξουν τοὺς ἐκλέκτορας.

ΕΛΣΙΝΚΙ, 12. (Ρόϊτερ). — Τὴν Δευτέραν καὶ τὴν Τρίτην οἱ Φιλλανδοὶ θὰ ἐκλέξουν τοὺς ἐκλέκτορας.

ΕΛΣΙΝΚΙ, 12. (Ρόϊτερ). — Τὴν Δευτέραν καὶ τὴν Τρίτην οἱ Φιλλανδοὶ θὰ ἐκλέξουν τοὺς ἐκλέκτορας.

ΔΙΚΑΖΟΝΤΑΙ ΔΥΟ ΕΦΟΡΙΑΚΟΙ ΥΠΑΛΛΗΛΟΙ ΔΙΟΤΙ ΑΠΗΤΗΣΑΝ ΑΠΟ ΑΡΤΟΠΟΙΟΝ ΚΑΙ ΕΛΑΒΟΝ ΠΑΡ' ΑΥΤΟΥ 2.000 ΔΡΑΧΜΩΝ

Ἐνώπιον τοῦ τριμελοῦς πλημμελειοδικείου ἐδικάσθησαν δύο ἐφοριακοὶ ὑπάλληλοι.

Ἐνώπιον τοῦ τριμελοῦς πλημμελειοδικείου ἐδικάσθησαν δύο ἐφοριακοὶ ὑπάλληλοι.

Ἐνώπιον τοῦ τριμελοῦς πλημμελειοδικείου ἐδικάσθησαν δύο ἐφοριακοὶ ὑπάλληλοι.

Ἐνώπιον τοῦ τριμελοῦς πλημμελειοδικείου ἐδικάσθησαν δύο ἐφοριακοὶ ὑπάλληλοι.

Ἐνώπιον τοῦ τριμελοῦς πλημμελειοδικείου ἐδικάσθησαν δύο ἐφοριακοὶ ὑπάλληλοι.

ΕΤΕΡΟΙ 156 ΠΡΟΣΦΥΓΕΣ ΑΦΙΧΘΗΣΑΝ ΕΞ ΑΙΓΥΠΤΟΥ
ΕΞΑΙΡΟΥΝΤΑΙ ΤΟΥ ΕΞΑΡΑΒΙΣΜΟΥ ΤΑ ΕΛΛΗΝΙΚΑ ΣΧΟΛΕΙΑ

ΑΘΗΝΑΙ, 12. — Ἀφίχθησαν χθὲς ἐξ Ἀλεξανδρείας 156 Ἕλληνες πρόσφυγες. ΤΑ ΕΛΛΗΝΙΚΑ ΣΧΟΛΕΙΑ — ΚΑΪΡΟΝ, 12.

ΑΘΗΝΑΙ, 12. — Ἀφίχθησαν χθὲς ἐξ Ἀλεξανδρείας 156 Ἕλληνες πρόσφυγες. ΤΑ ΕΛΛΗΝΙΚΑ ΣΧΟΛΕΙΑ — ΚΑΪΡΟΝ, 12.

ΑΘΗΝΑΙ, 12. — Ἀφίχθησαν χθὲς ἐξ Ἀλεξανδρείας 156 Ἕλληνες πρόσφυγες. ΤΑ ΕΛΛΗΝΙΚΑ ΣΧΟΛΕΙΑ — ΚΑΪΡΟΝ, 12.

ΠΩΣ ΘΑ ΓΙΝΗ Η ΕΚΛΟΓΗ ΤΟΥ ΑΡΧΙΕΠΙΣΚΟΠΟΥ ΕΙΣ ΔΥΟ ΣΤΑΔΙΑ—Η ΜΥΣΤΙΚΗ ΨΗΦΟΦΟΡΙΑ
▶▶▶ ΣΥΝΕΧΕΙΑ ΕΙΣ ΔΥΟ ΣΤΑΔΙΑ

Σημειωτέον ὅτι διὰ τὴν ἐκλογὴν τοῦ Ἀρχιεπισκόπου ἡ ψηφοφορία θὰ διεξαχθῇ μυστικῶς καὶ εἰς δύο στάδια.

Σημειωτέον ὅτι διὰ τὴν ἐκλογὴν τοῦ Ἀρχιεπισκόπου ἡ ψηφοφορία θὰ διεξαχθῇ μυστικῶς καὶ εἰς δύο στάδια.

Σημειωτέον ὅτι διὰ τὴν ἐκλογὴν τοῦ Ἀρχιεπισκόπου ἡ ψηφοφορία θὰ διεξαχθῇ μυστικῶς καὶ εἰς δύο στάδια.

Σημειωτέον ὅτι διὰ τὴν ἐκλογὴν τοῦ Ἀρχιεπισκόπου ἡ ψηφοφορία θὰ διεξαχθῇ μυστικῶς καὶ εἰς δύο στάδια.

Σημειωτέον ὅτι διὰ τὴν ἐκλογὴν τοῦ Ἀρχιεπισκόπου ἡ ψηφοφορία θὰ διεξαχθῇ μυστικῶς καὶ εἰς δύο στάδια.
